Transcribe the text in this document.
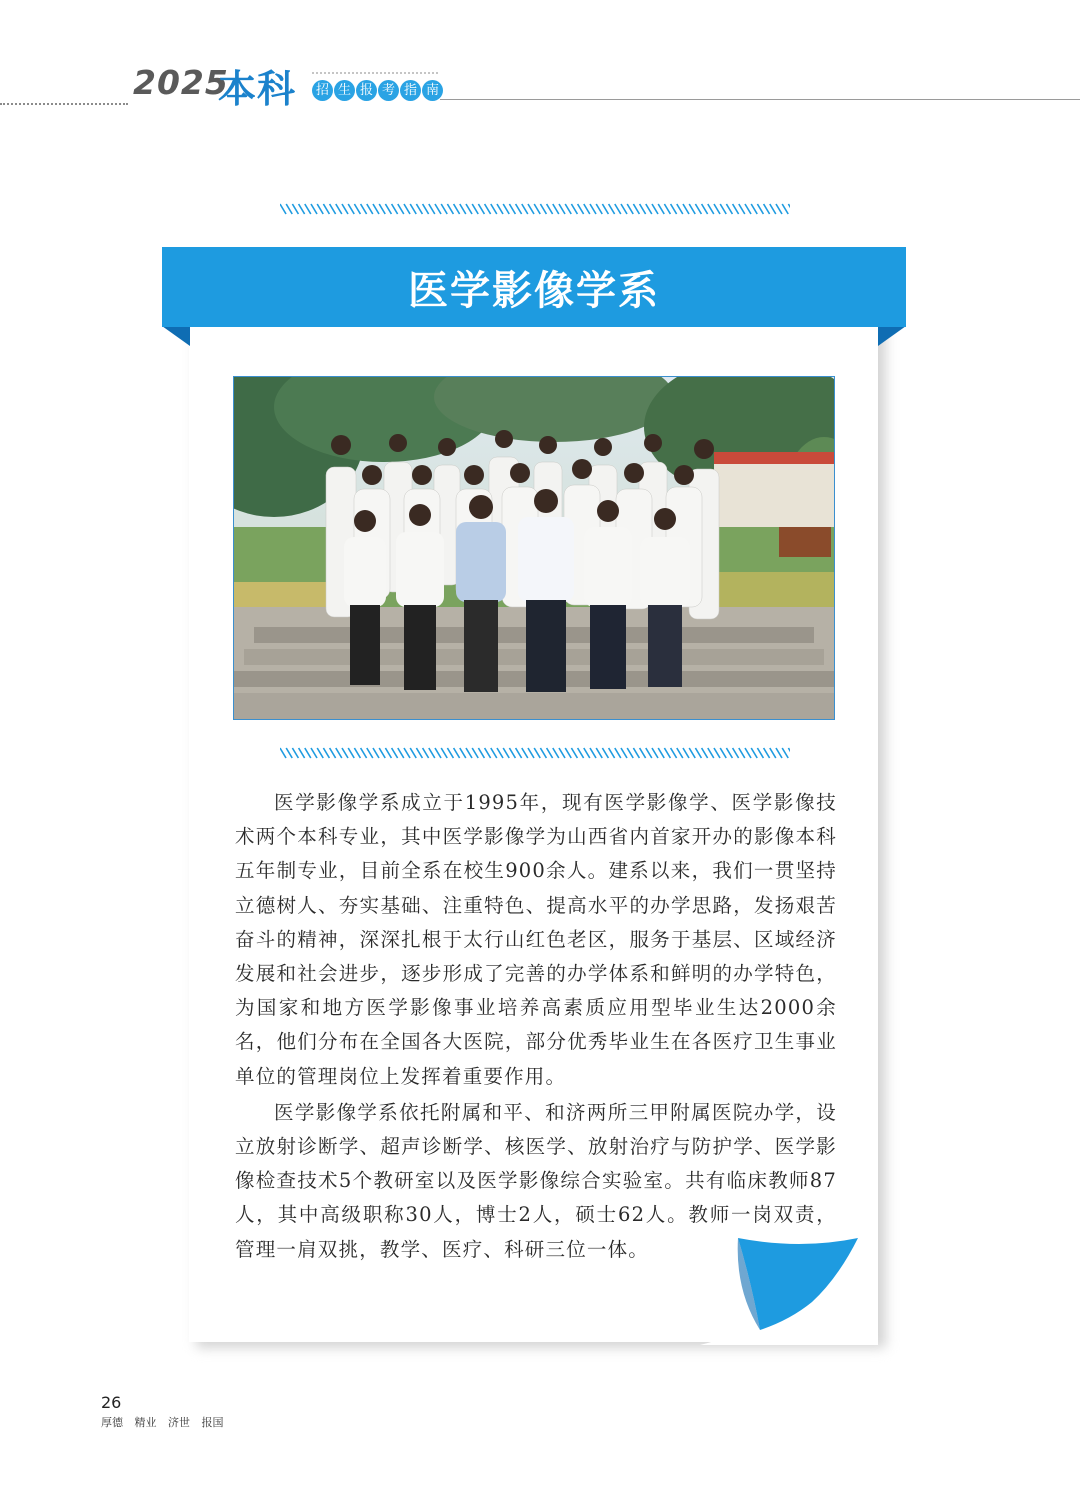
2025
本科	招 生 报 考 指 南
医学影像学系

医学影像学系成立于1995年，现有医学影像学、医学影像技术两个本科专业，其中医学影像学为山西省内首家开办的影像本科五年制专业，目前全系在校生900余人。建系以来，我们一贯坚持立德树人、夯实基础、注重特色、提高水平的办学思路，发扬艰苦奋斗的精神，深深扎根于太行山红色老区，服务于基层、区域经济发展和社会进步，逐步形成了完善的办学体系和鲜明的办学特色，为国家和地方医学影像事业培养高素质应用型毕业生达2000余名，他们分布在全国各大医院，部分优秀毕业生在各医疗卫生事业单位的管理岗位上发挥着重要作用。

医学影像学系依托附属和平、和济两所三甲附属医院办学，设立放射诊断学、超声诊断学、核医学、放射治疗与防护学、医学影像检查技术5个教研室以及医学影像综合实验室。共有临床教师87人，其中高级职称30人，博士2人，硕士62人。教师一岗双责，管理一肩双挑，教学、医疗、科研三位一体。

26
厚德 精业 济世 报国
